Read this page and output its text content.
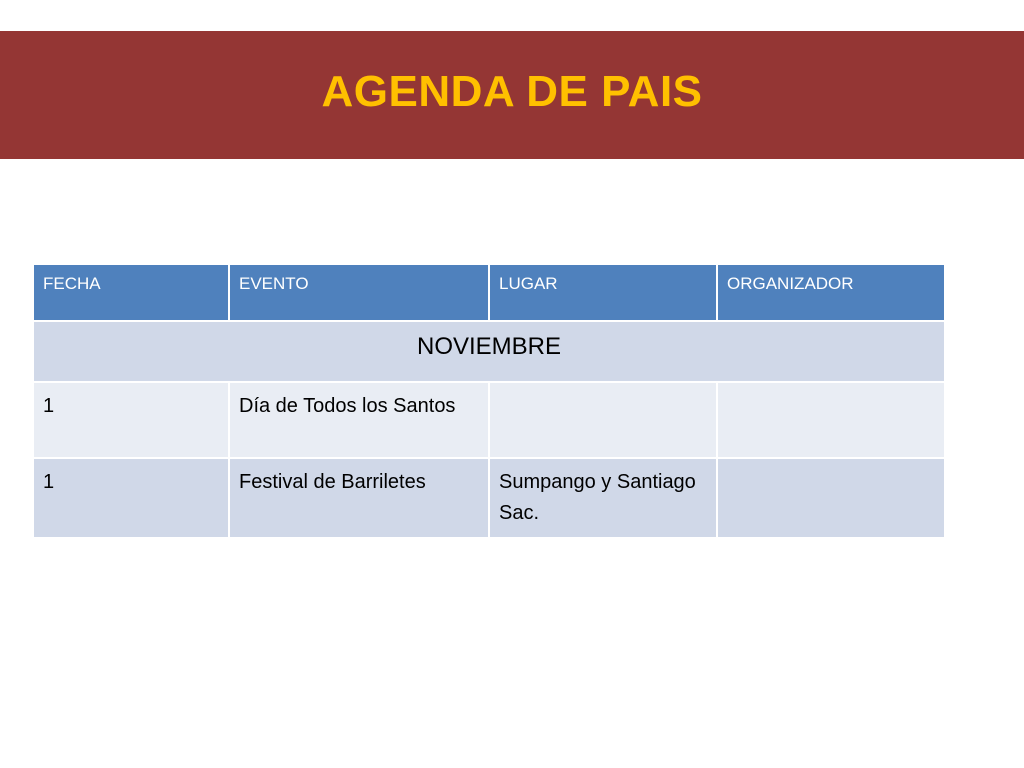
AGENDA DE PAIS
FECHA	EVENTO	LUGAR	ORGANIZADOR
NOVIEMBRE			
1	Día de Todos los Santos		
1	Festival de Barriletes	Sumpango y Santiago Sac.	
